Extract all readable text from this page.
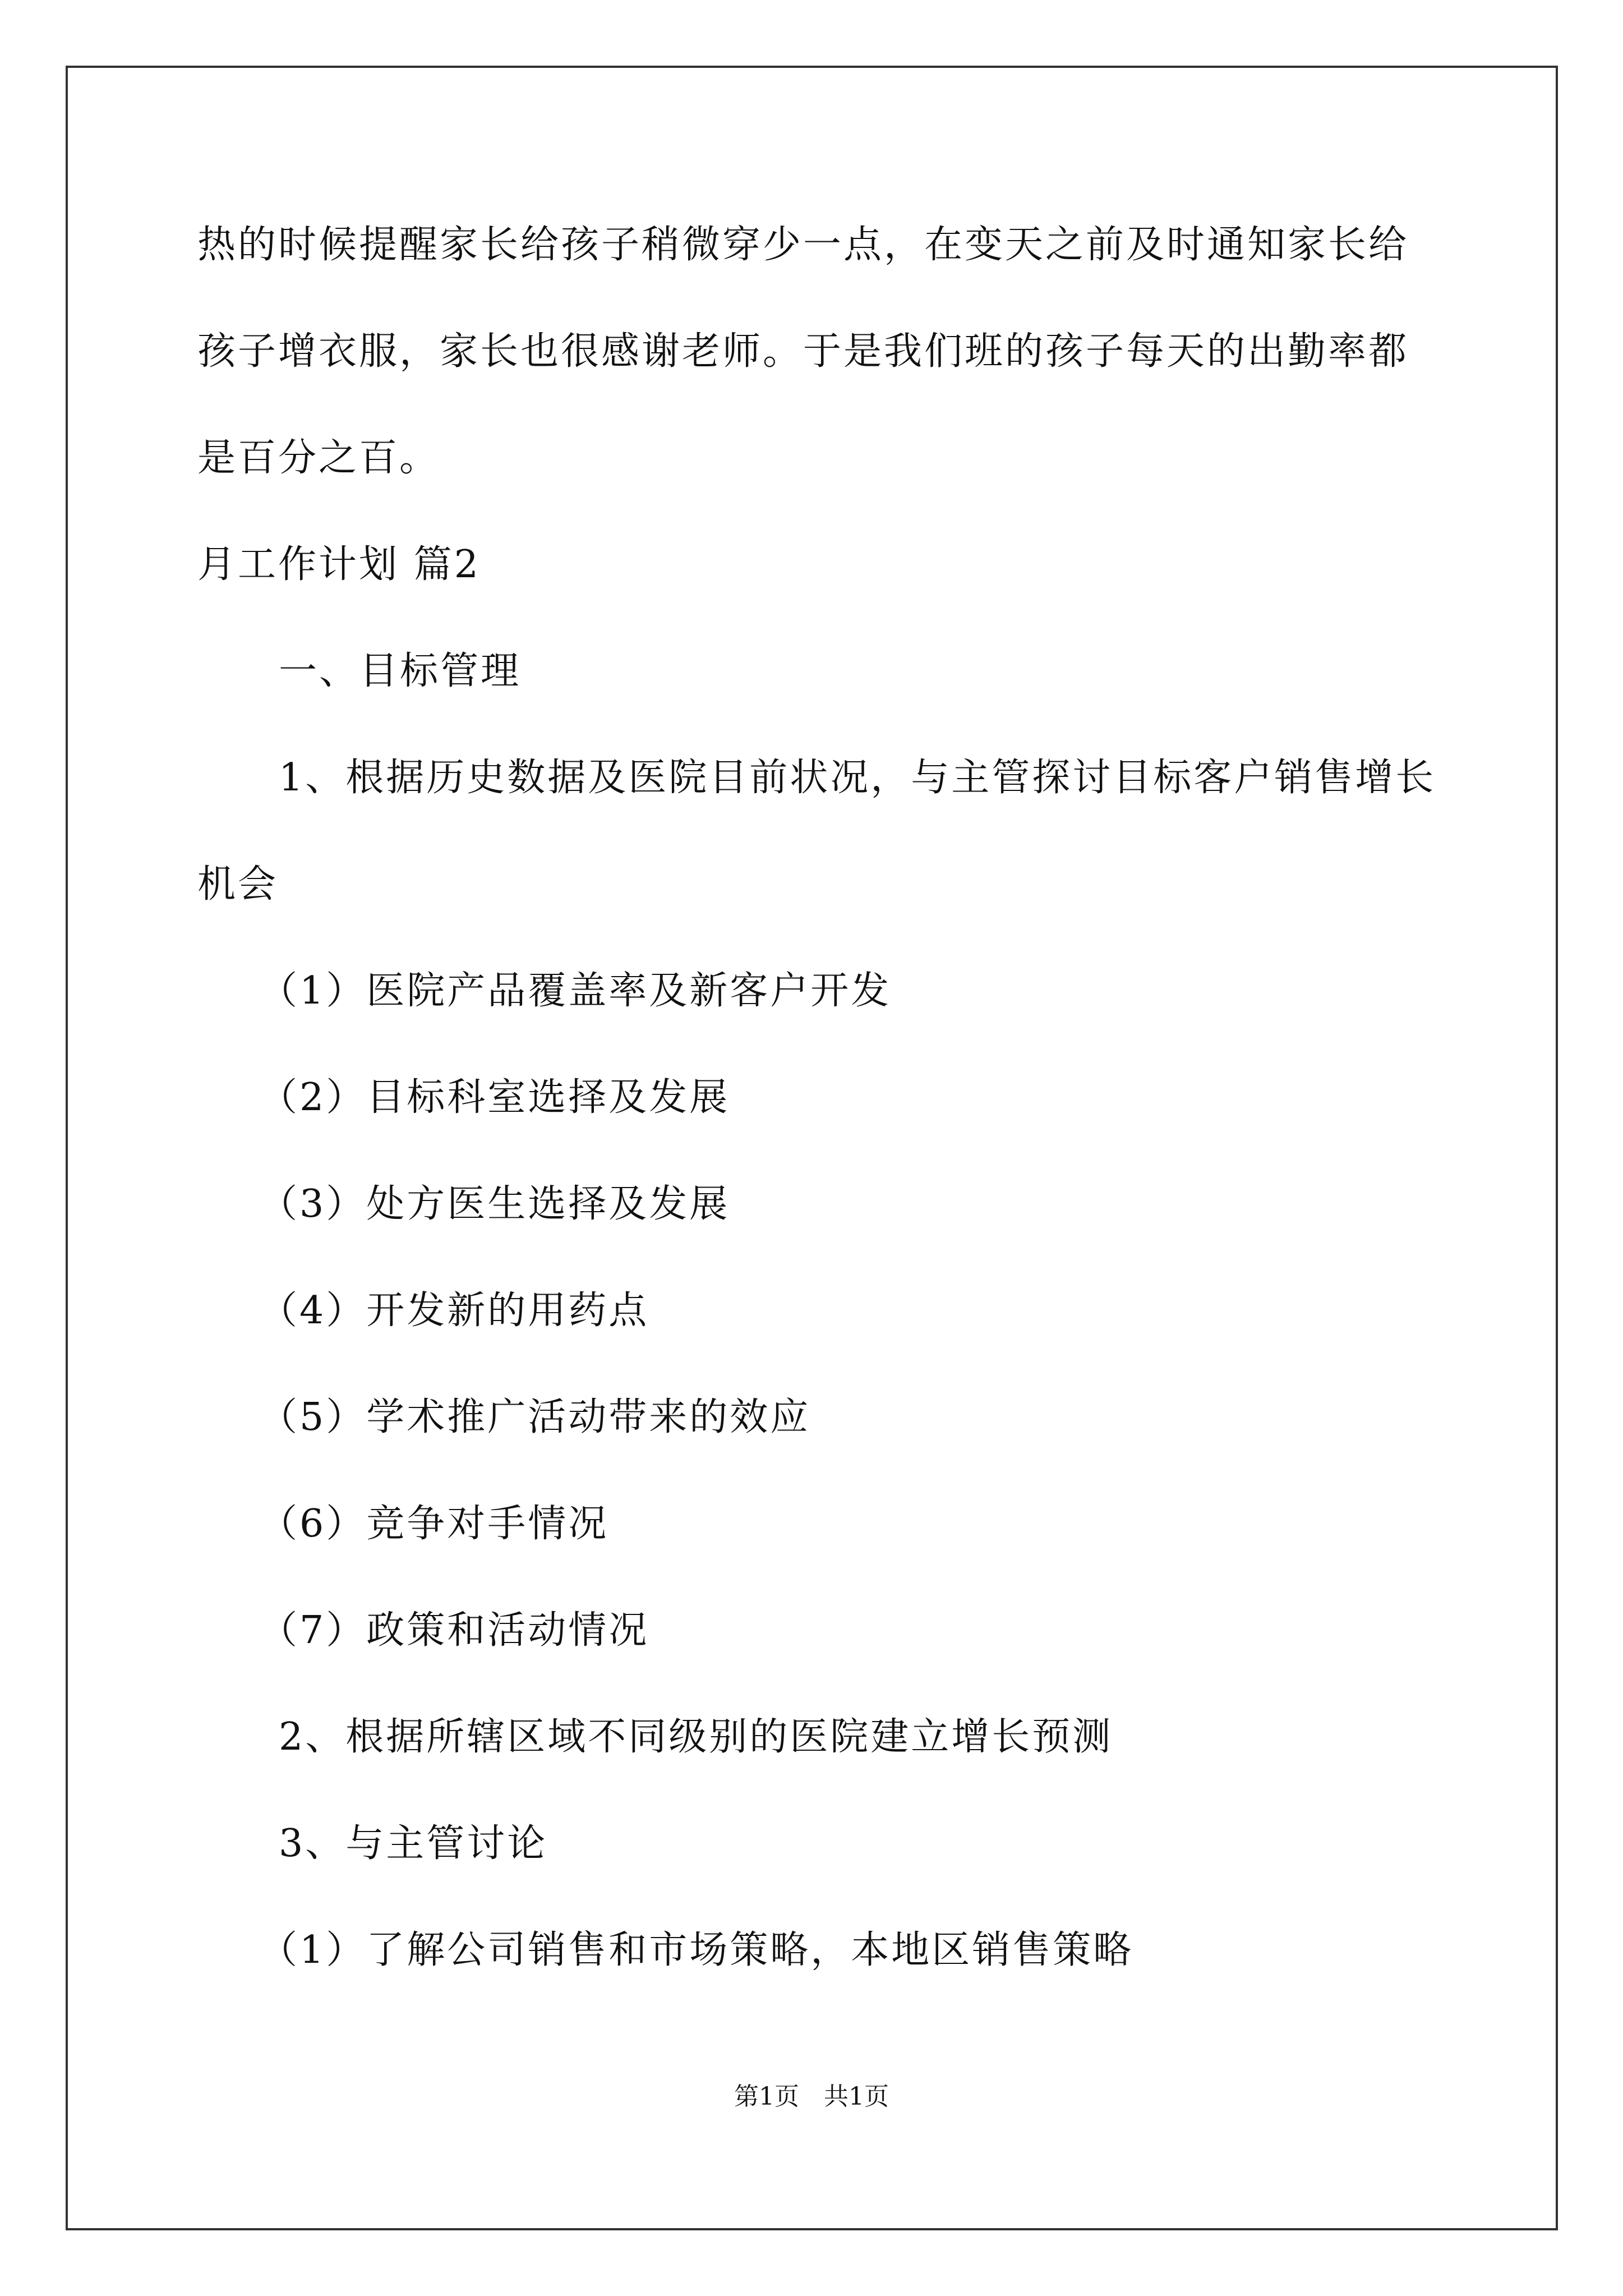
热的时候提醒家长给孩子稍微穿少一点，在变天之前及时通知家长给
孩子增衣服，家长也很感谢老师。于是我们班的孩子每天的出勤率都
是百分之百。
月工作计划 篇2
一、目标管理
1、根据历史数据及医院目前状况，与主管探讨目标客户销售增长
机会
（1）医院产品覆盖率及新客户开发
（2）目标科室选择及发展
（3）处方医生选择及发展
（4）开发新的用药点
（5）学术推广活动带来的效应
（6）竞争对手情况
（7）政策和活动情况
2、根据所辖区域不同级别的医院建立增长预测
3、与主管讨论
（1）了解公司销售和市场策略，本地区销售策略
第1页　共1页
